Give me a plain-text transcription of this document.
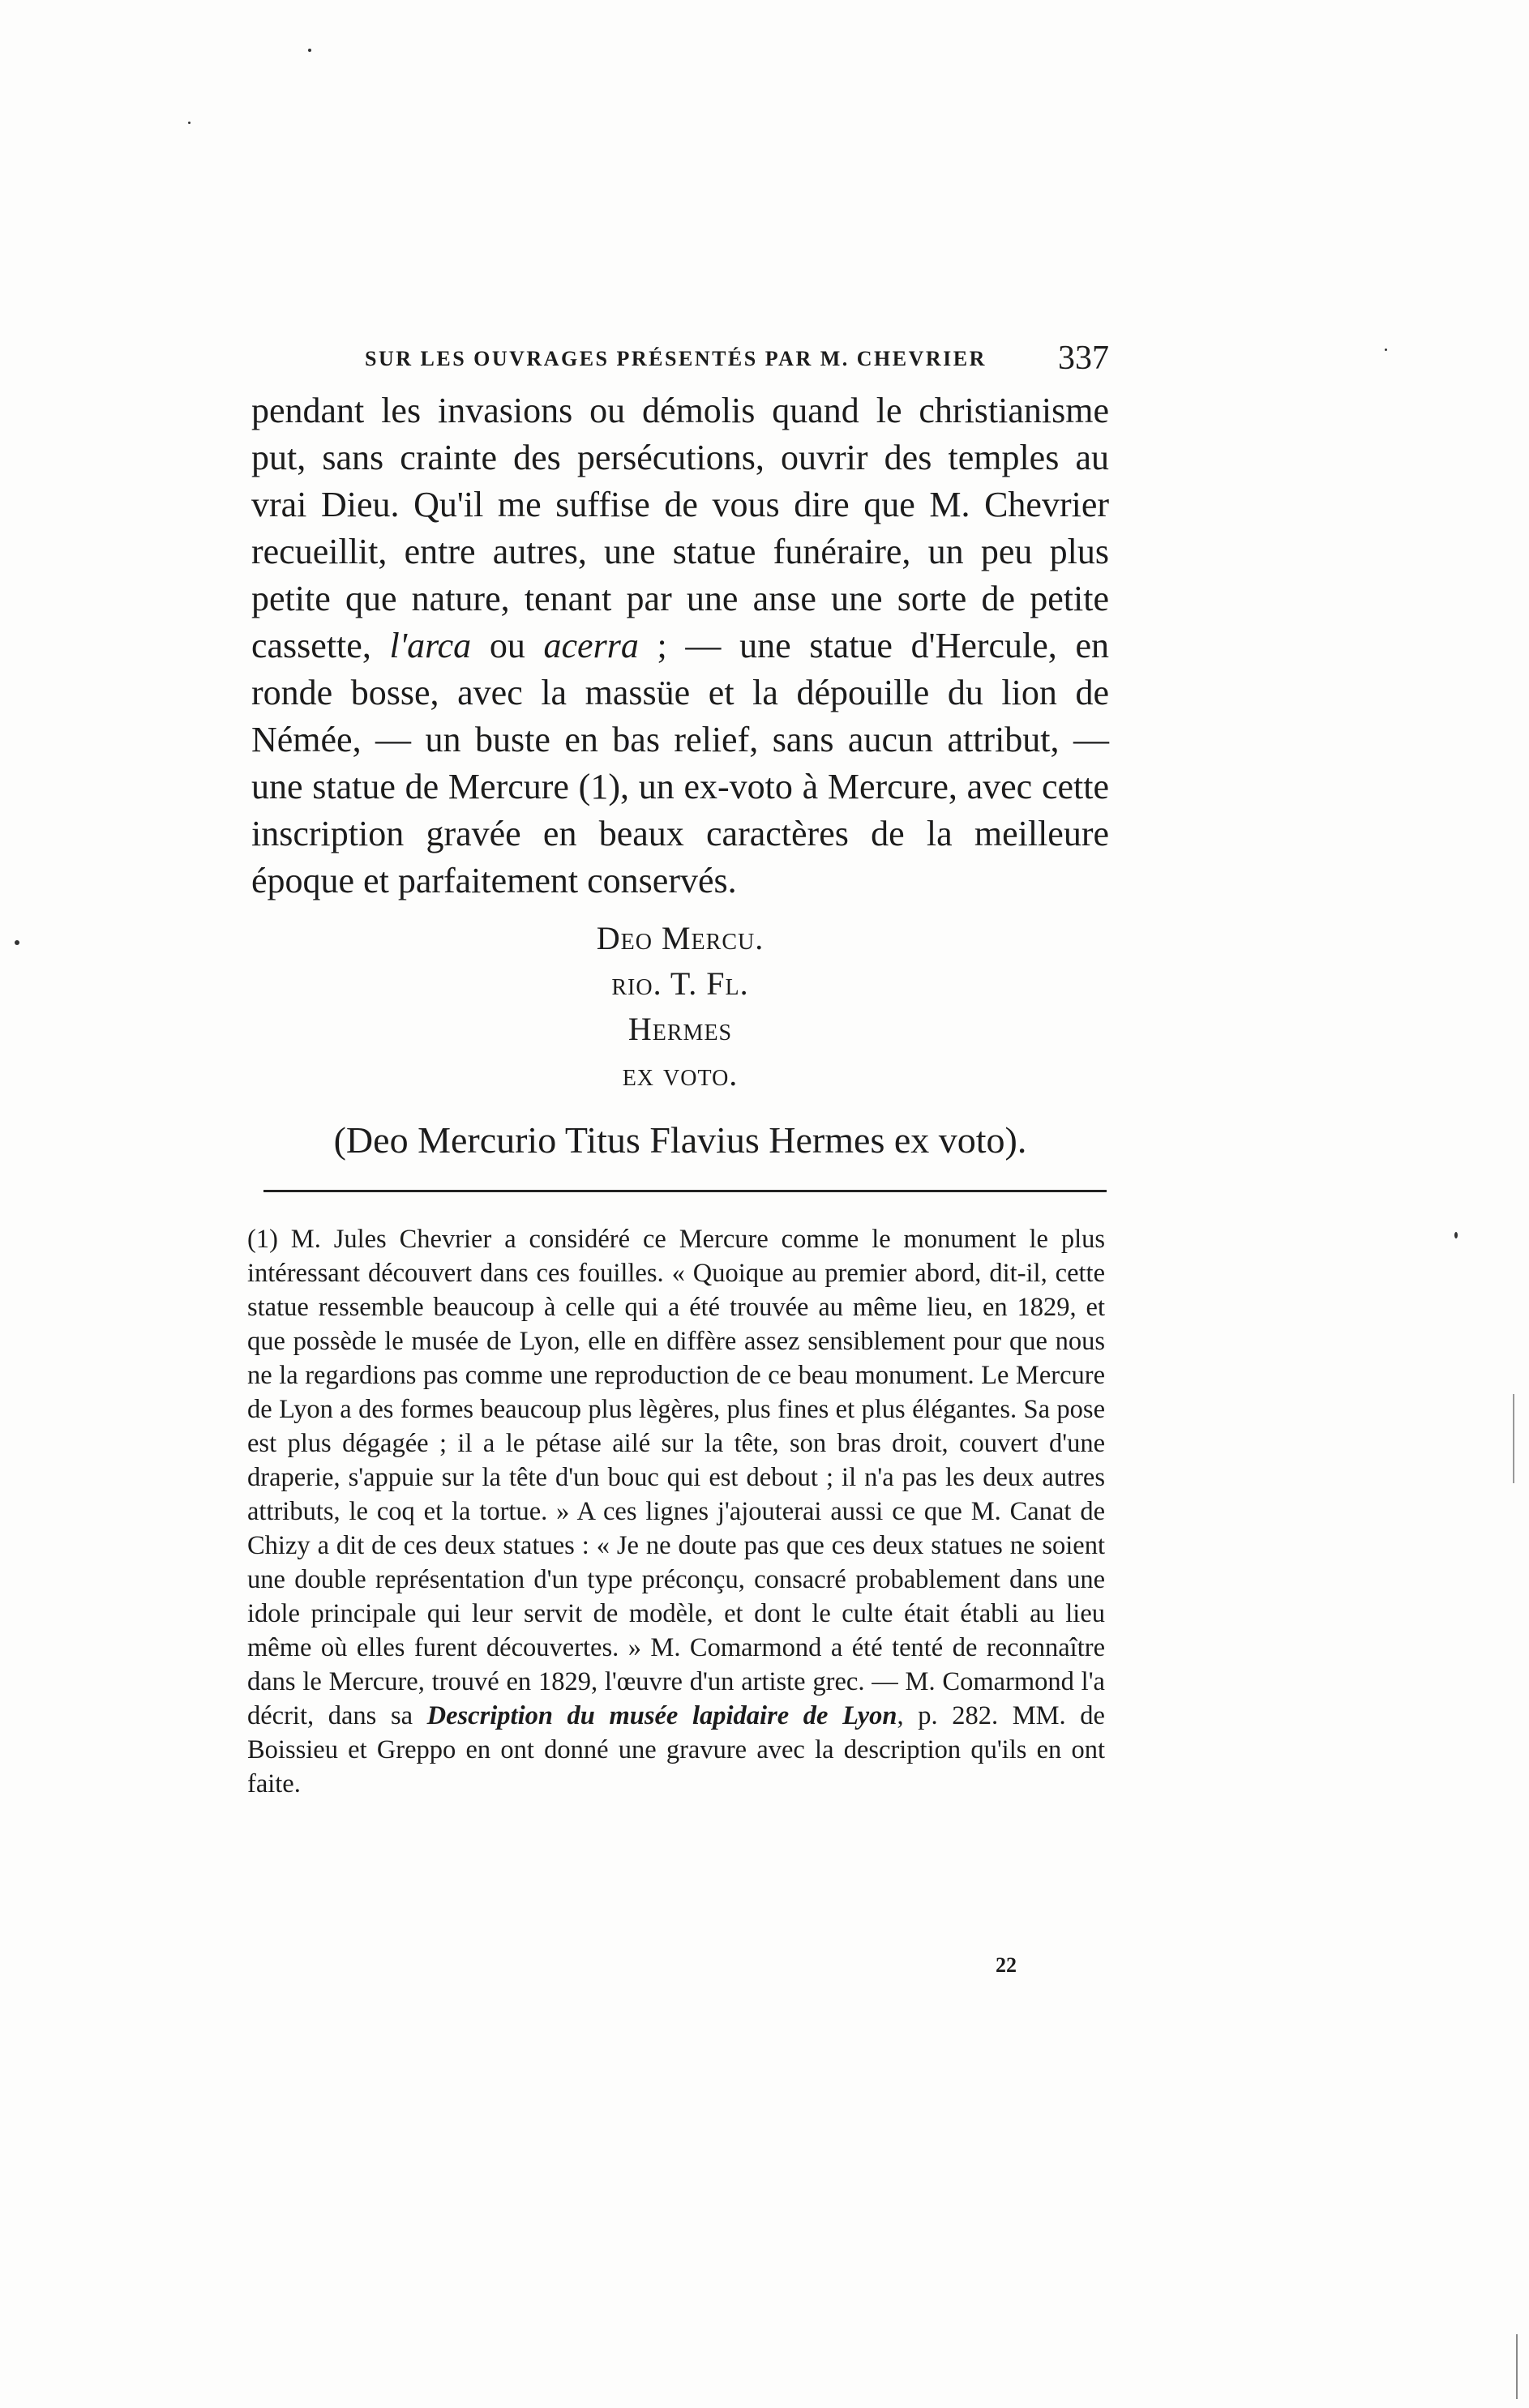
SUR LES OUVRAGES PRÉSENTÉS PAR M. CHEVRIER 337

pendant les invasions ou démolis quand le christianisme put, sans crainte des persécutions, ouvrir des temples au vrai Dieu. Qu'il me suffise de vous dire que M. Chevrier recueillit, entre autres, une statue funéraire, un peu plus petite que nature, tenant par une anse une sorte de petite cassette, l'arca ou acerra ; — une statue d'Hercule, en ronde bosse, avec la massüe et la dépouille du lion de Némée, — un buste en bas relief, sans aucun attribut, — une statue de Mercure (1), un ex-voto à Mercure, avec cette inscription gravée en beaux caractères de la meilleure époque et parfaitement conservés.

Deo Mercu.
rio. T. Fl.
Hermes
ex voto.
(Deo Mercurio Titus Flavius Hermes ex voto).

(1) M. Jules Chevrier a considéré ce Mercure comme le monument le plus intéressant découvert dans ces fouilles. « Quoique au premier abord, dit-il, cette statue ressemble beaucoup à celle qui a été trouvée au même lieu, en 1829, et que possède le musée de Lyon, elle en diffère assez sensiblement pour que nous ne la regardions pas comme une reproduction de ce beau monument. Le Mercure de Lyon a des formes beaucoup plus lègères, plus fines et plus élégantes. Sa pose est plus dégagée ; il a le pétase ailé sur la tête, son bras droit, couvert d'une draperie, s'appuie sur la tête d'un bouc qui est debout ; il n'a pas les deux autres attributs, le coq et la tortue. » A ces lignes j'ajouterai aussi ce que M. Canat de Chizy a dit de ces deux statues : « Je ne doute pas que ces deux statues ne soient une double représentation d'un type préconçu, consacré probablement dans une idole principale qui leur servit de modèle, et dont le culte était établi au lieu même où elles furent découvertes. » M. Comarmond a été tenté de reconnaître dans le Mercure, trouvé en 1829, l'œuvre d'un artiste grec. — M. Comarmond l'a décrit, dans sa Description du musée lapidaire de Lyon, p. 282. MM. de Boissieu et Greppo en ont donné une gravure avec la description qu'ils en ont faite.

22
